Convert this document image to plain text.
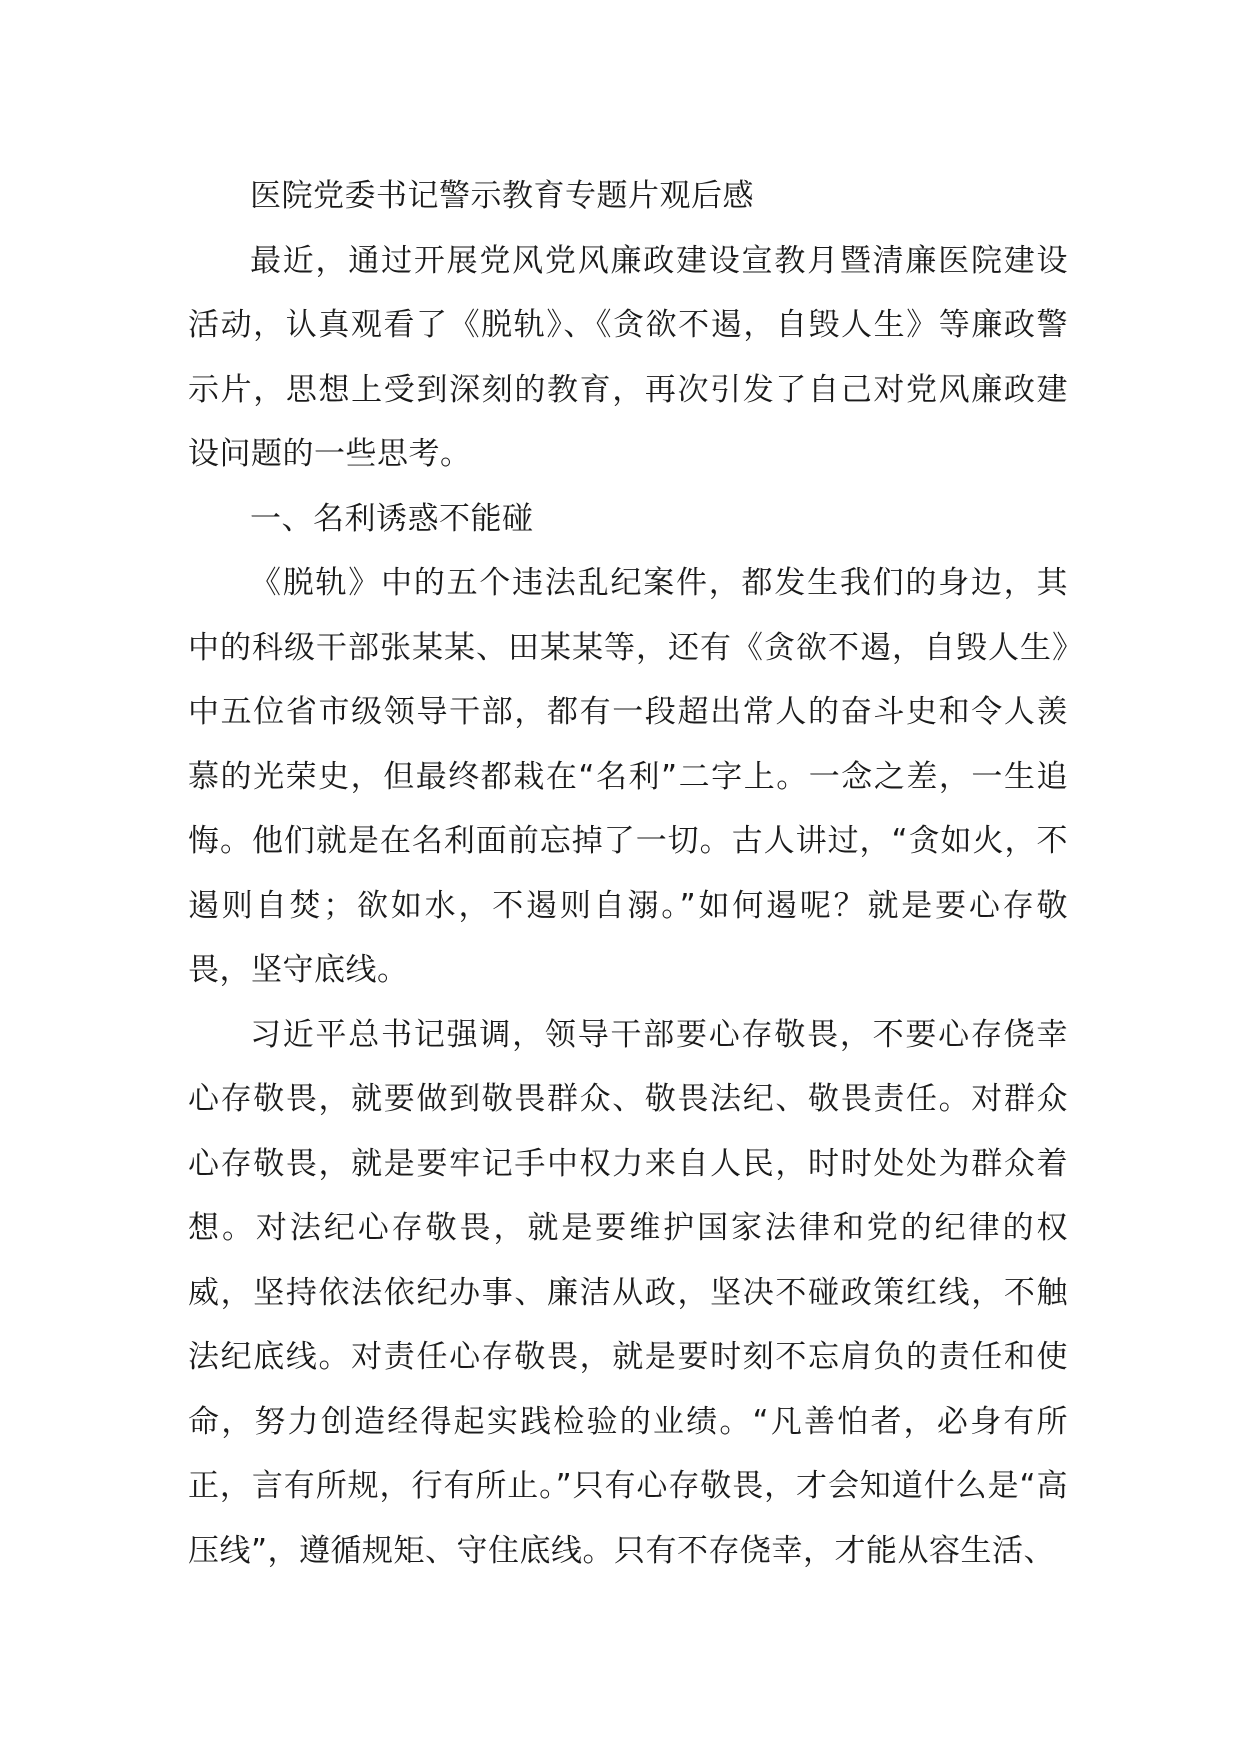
医院党委书记警示教育专题片观后感

最近，通过开展党风党风廉政建设宣教月暨清廉医院建设活动，认真观看了《脱轨》、《贪欲不遏，自毁人生》等廉政警示片，思想上受到深刻的教育，再次引发了自己对党风廉政建设问题的一些思考。

一、名利诱惑不能碰

《脱轨》中的五个违法乱纪案件，都发生我们的身边，其中的科级干部张某某、田某某等，还有《贪欲不遏，自毁人生》中五位省市级领导干部，都有一段超出常人的奋斗史和令人羡慕的光荣史，但最终都栽在“名利”二字上。一念之差，一生追悔。他们就是在名利面前忘掉了一切。古人讲过，“贪如火，不遏则自焚；欲如水，不遏则自溺。”如何遏呢？就是要心存敬畏，坚守底线。

习近平总书记强调，领导干部要心存敬畏，不要心存侥幸心存敬畏，就要做到敬畏群众、敬畏法纪、敬畏责任。对群众心存敬畏，就是要牢记手中权力来自人民，时时处处为群众着想。对法纪心存敬畏，就是要维护国家法律和党的纪律的权威，坚持依法依纪办事、廉洁从政，坚决不碰政策红线，不触法纪底线。对责任心存敬畏，就是要时刻不忘肩负的责任和使命，努力创造经得起实践检验的业绩。“凡善怕者，必身有所正，言有所规，行有所止。”只有心存敬畏，才会知道什么是“高压线”，遵循规矩、守住底线。只有不存侥幸，才能从容生活、
